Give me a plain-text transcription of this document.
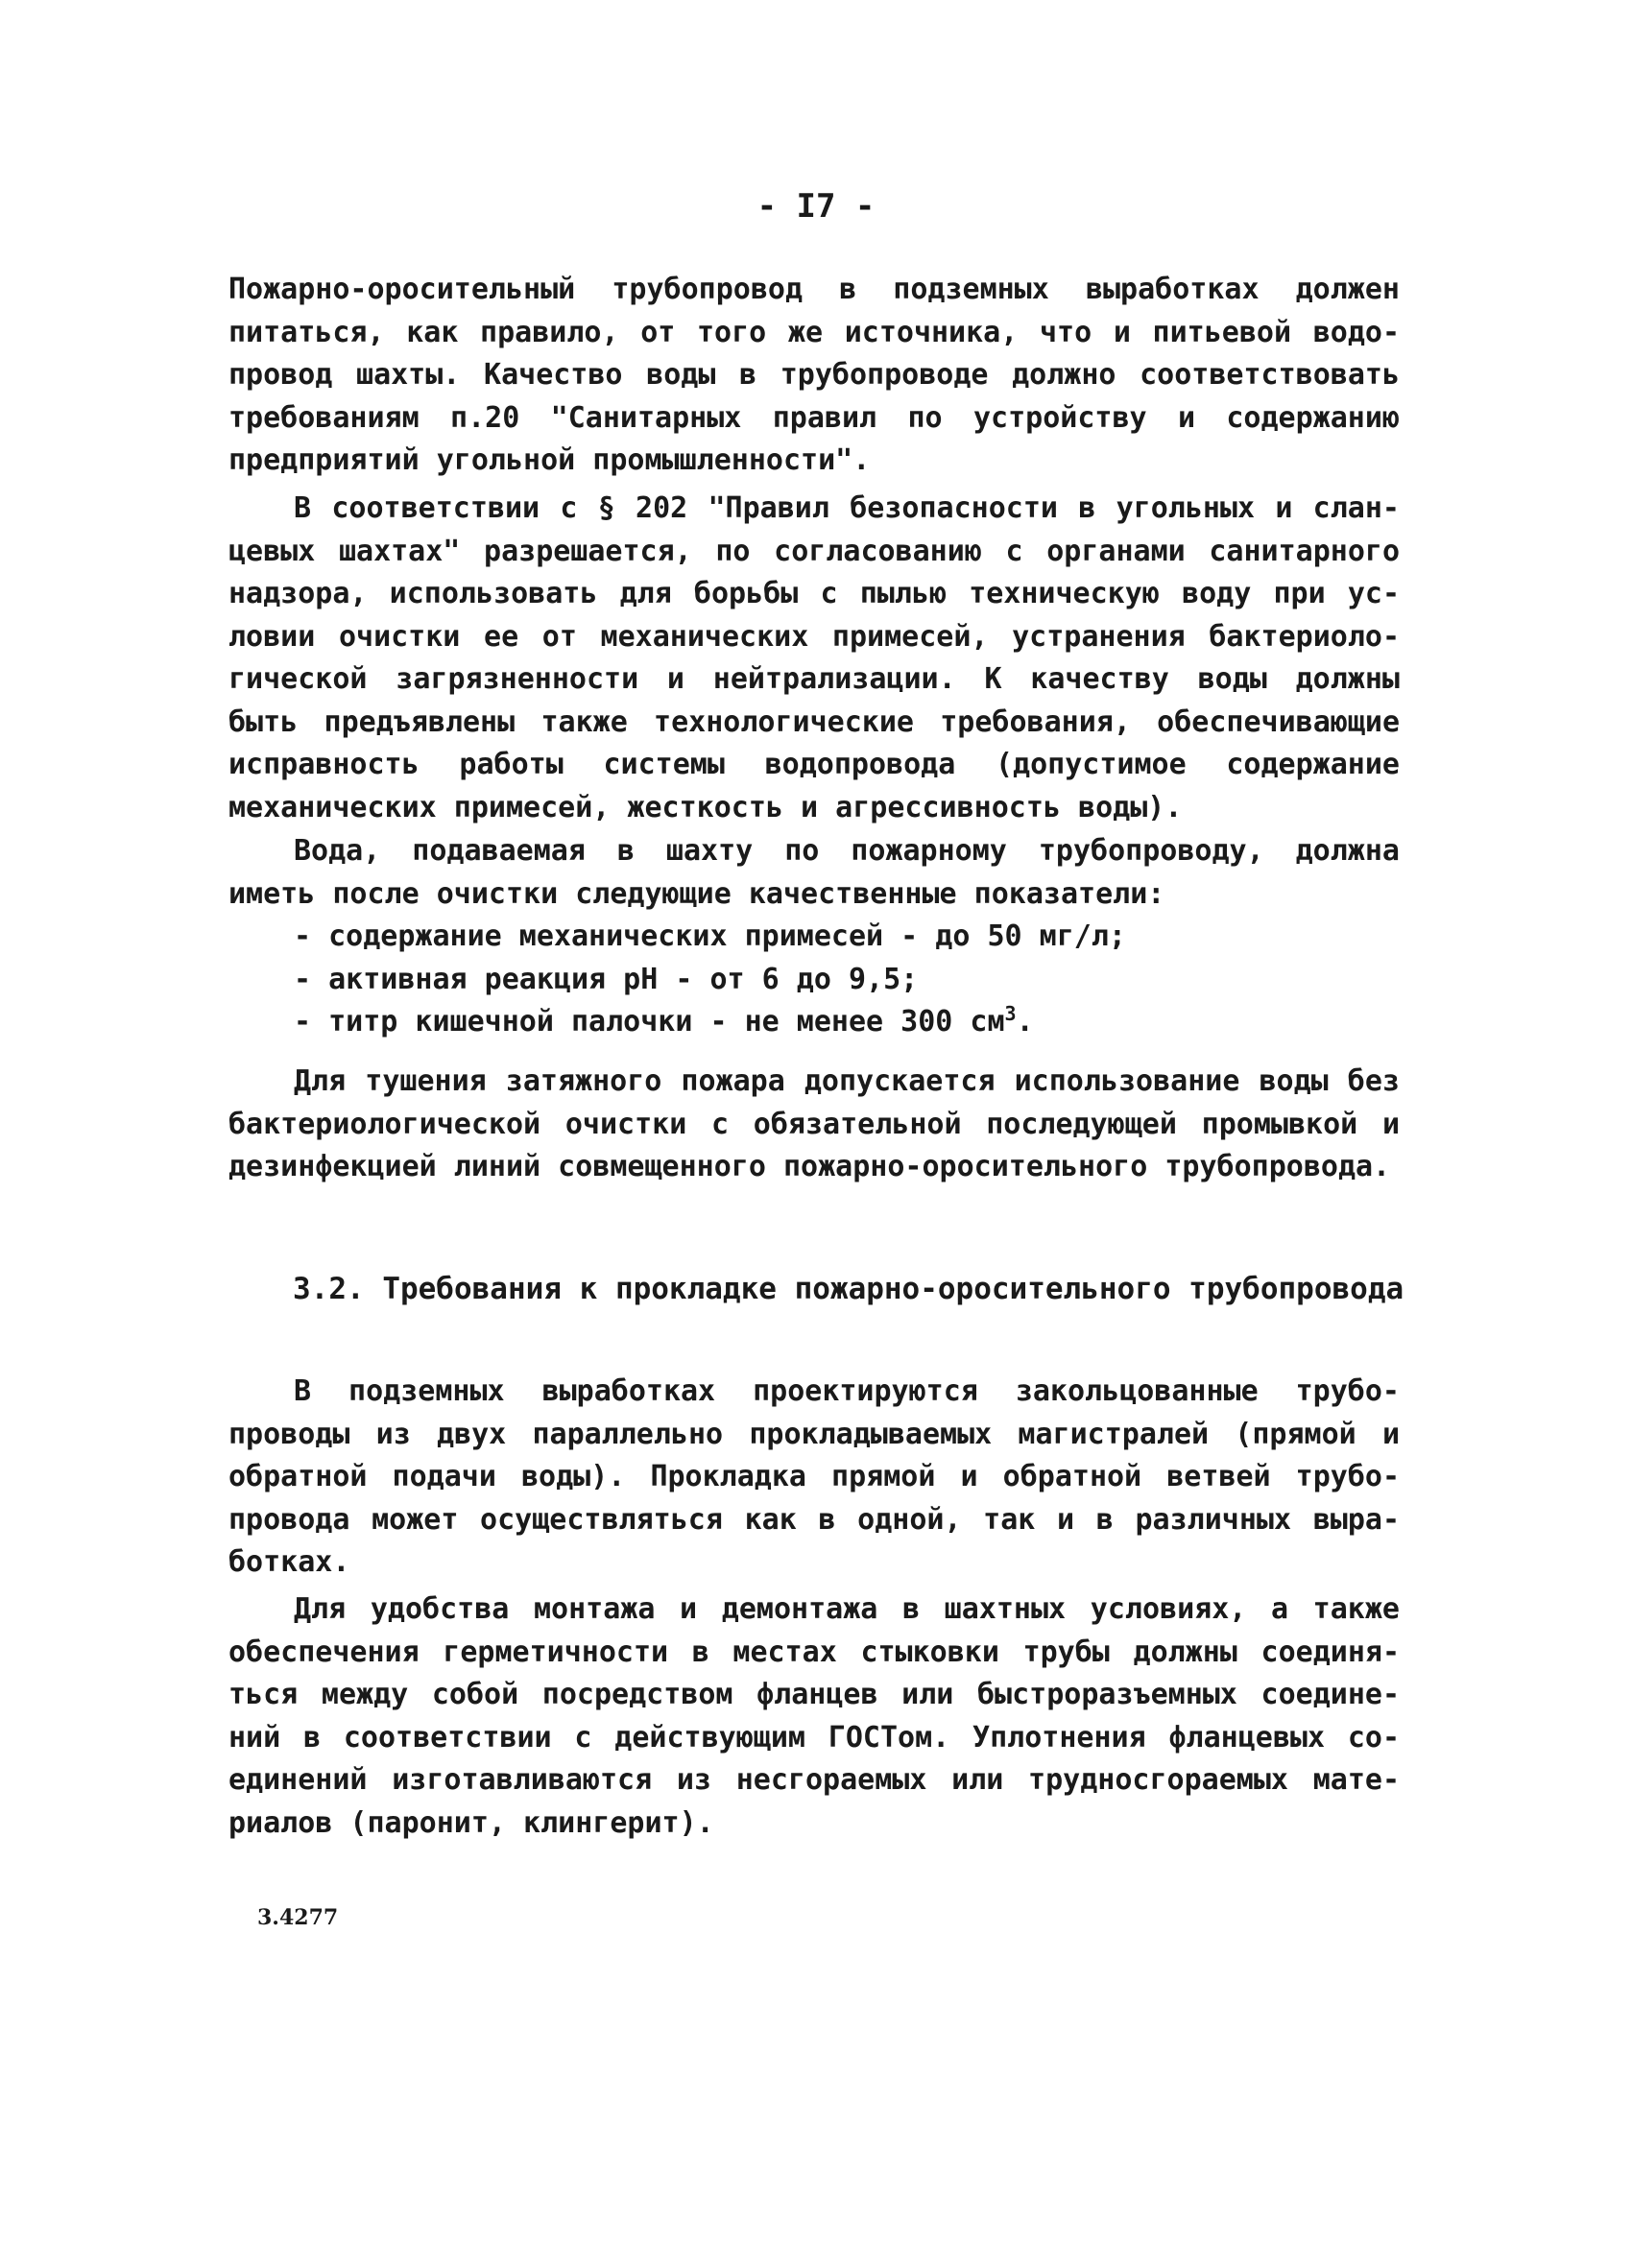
- I7 -
Пожарно-оросительный трубопровод в подземных выработках должен
питаться, как правило, от того же источника, что и питьевой водо-
провод шахты. Качество воды в трубопроводе должно соответствовать
требованиям п.20 "Санитарных правил по устройству и содержанию
предприятий угольной промышленности".
В соответствии с § 202 "Правил безопасности в угольных и слан-
цевых шахтах" разрешается, по согласованию с органами санитарного
надзора, использовать для борьбы с пылью техническую воду при ус-
ловии очистки ее от механических примесей, устранения бактериоло-
гической загрязненности и нейтрализации. К качеству воды должны
быть предъявлены также технологические требования, обеспечивающие
исправность работы системы водопровода (допустимое содержание
механических примесей, жесткость и агрессивность воды).
Вода, подаваемая в шахту по пожарному трубопроводу, должна
иметь после очистки следующие качественные показатели:
- содержание механических примесей - до 50 мг/л;
- активная реакция pH - от 6 до 9,5;
- титр кишечной палочки - не менее 300 $см^3$.
Для тушения затяжного пожара допускается использование воды без
бактериологической очистки с обязательной последующей промывкой и
дезинфекцией линий совмещенного пожарно-оросительного трубопровода.
3.2. Требования к прокладке пожарно-оросительного трубопровода
В подземных выработках проектируются закольцованные трубо-
проводы из двух параллельно прокладываемых магистралей (прямой и
обратной подачи воды). Прокладка прямой и обратной ветвей трубо-
провода может осуществляться как в одной, так и в различных выра-
ботках.
Для удобства монтажа и демонтажа в шахтных условиях, а также
обеспечения герметичности в местах стыковки трубы должны соединя-
ться между собой посредством фланцев или быстроразъемных соедине-
ний в соответствии с действующим ГОСТом. Уплотнения фланцевых со-
единений изготавливаются из несгораемых или трудносгораемых мате-
риалов (паронит, клингерит).
3.4277
